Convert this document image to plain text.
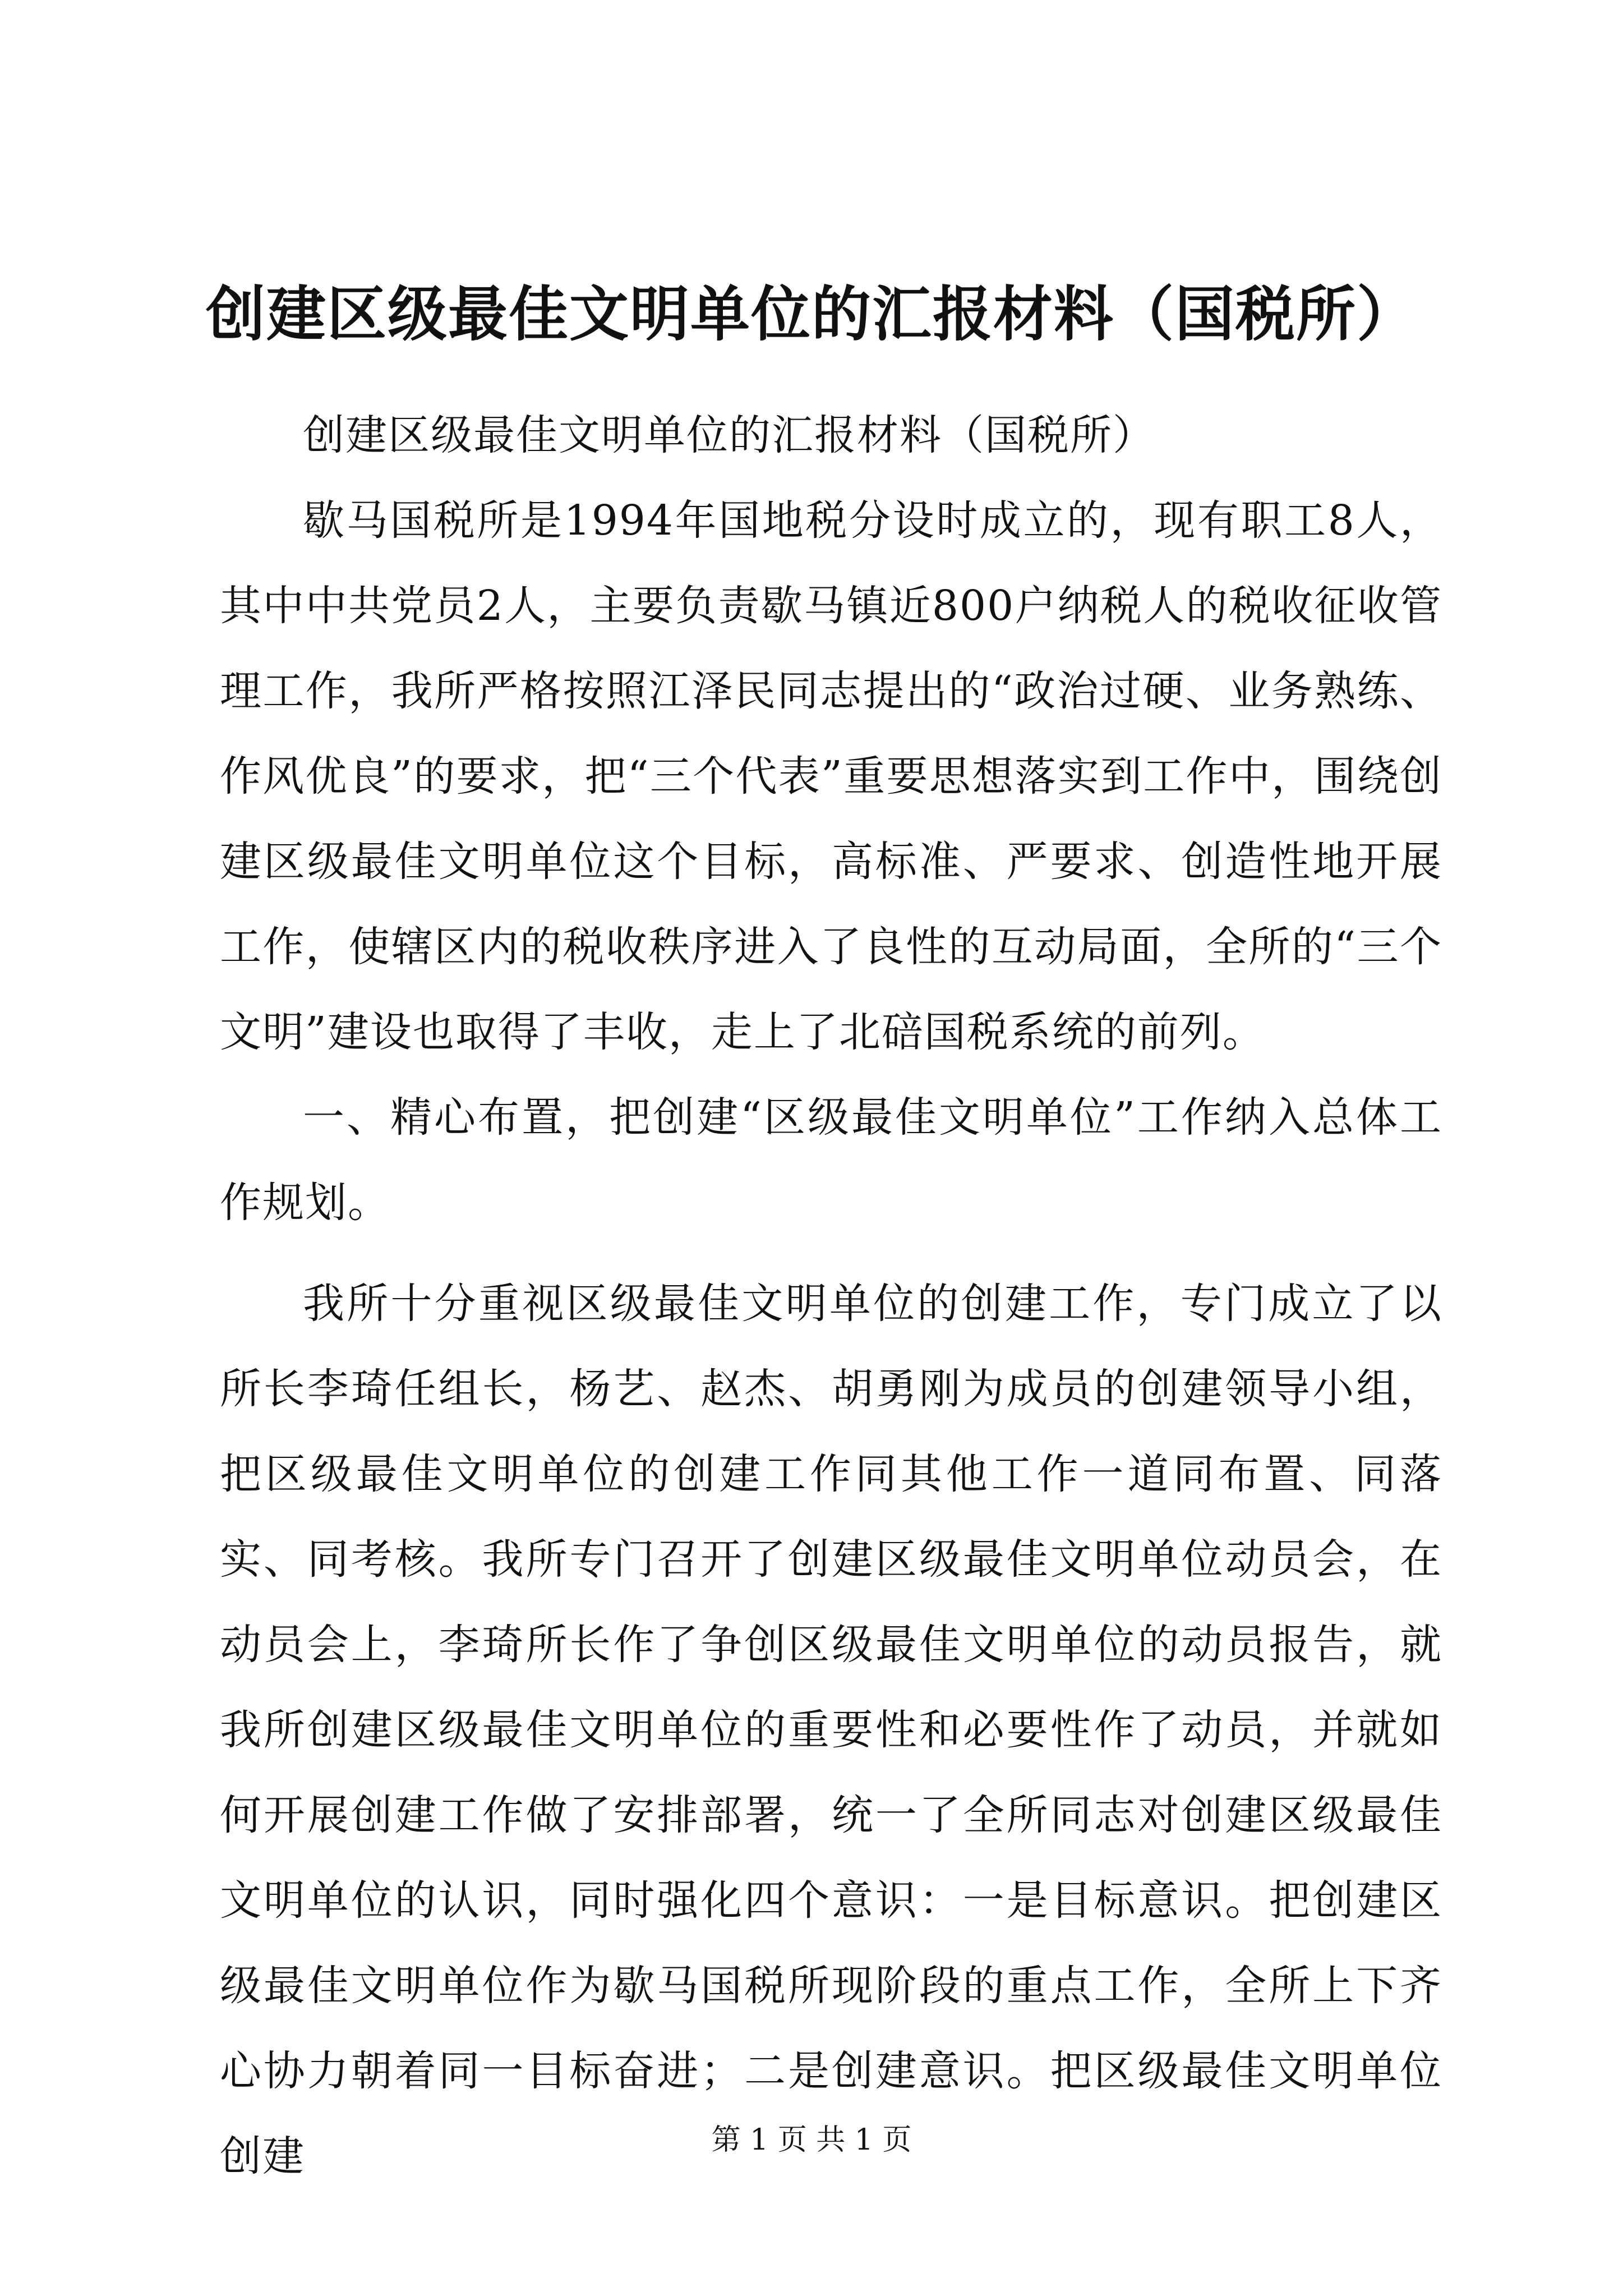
创建区级最佳文明单位的汇报材料（国税所）

创建区级最佳文明单位的汇报材料（国税所）

歇马国税所是1994年国地税分设时成立的，现有职工8人，其中中共党员2人，主要负责歇马镇近800户纳税人的税收征收管理工作，我所严格按照江泽民同志提出的“政治过硬、业务熟练、作风优良”的要求，把“三个代表”重要思想落实到工作中，围绕创建区级最佳文明单位这个目标，高标准、严要求、创造性地开展工作，使辖区内的税收秩序进入了良性的互动局面，全所的“三个文明”建设也取得了丰收，走上了北碚国税系统的前列。

一、精心布置，把创建“区级最佳文明单位”工作纳入总体工作规划。

我所十分重视区级最佳文明单位的创建工作，专门成立了以所长李琦任组长，杨艺、赵杰、胡勇刚为成员的创建领导小组，把区级最佳文明单位的创建工作同其他工作一道同布置、同落实、同考核。我所专门召开了创建区级最佳文明单位动员会，在动员会上，李琦所长作了争创区级最佳文明单位的动员报告，就我所创建区级最佳文明单位的重要性和必要性作了动员，并就如何开展创建工作做了安排部署，统一了全所同志对创建区级最佳文明单位的认识，同时强化四个意识：一是目标意识。把创建区级最佳文明单位作为歇马国税所现阶段的重点工作，全所上下齐心协力朝着同一目标奋进；二是创建意识。把区级最佳文明单位创建	第 1 页 共 1 页
